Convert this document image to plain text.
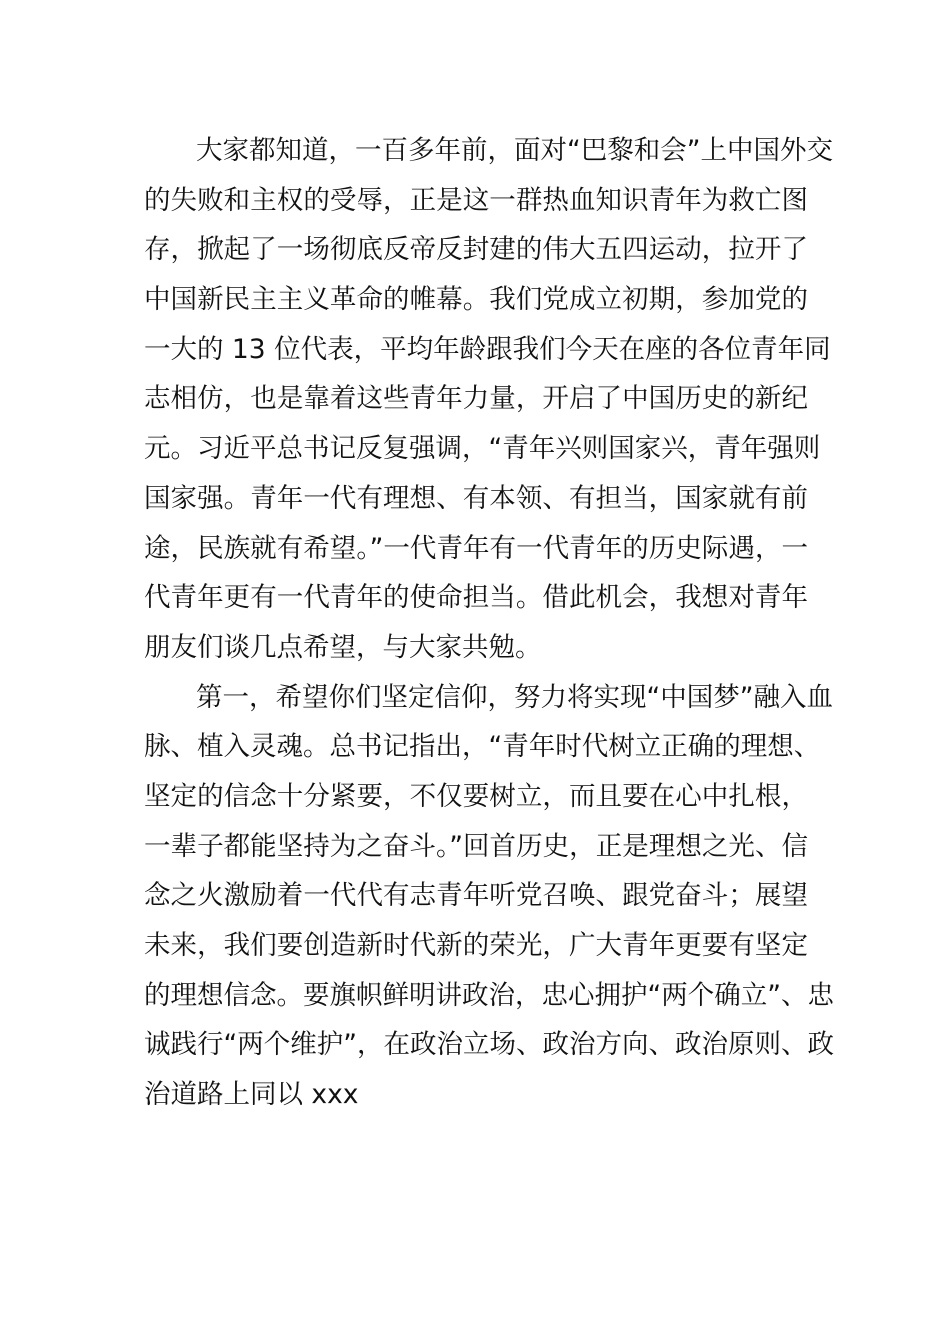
大家都知道，一百多年前，面对“巴黎和会”上中国外交
的失败和主权的受辱，正是这一群热血知识青年为救亡图
存，掀起了一场彻底反帝反封建的伟大五四运动，拉开了
中国新民主主义革命的帷幕。我们党成立初期，参加党的
一大的 13 位代表，平均年龄跟我们今天在座的各位青年同
志相仿，也是靠着这些青年力量，开启了中国历史的新纪
元。习近平总书记反复强调，“青年兴则国家兴，青年强则
国家强。青年一代有理想、有本领、有担当，国家就有前
途，民族就有希望。”一代青年有一代青年的历史际遇，一
代青年更有一代青年的使命担当。借此机会，我想对青年
朋友们谈几点希望，与大家共勉。
第一，希望你们坚定信仰，努力将实现“中国梦”融入血
脉、植入灵魂。总书记指出，“青年时代树立正确的理想、
坚定的信念十分紧要，不仅要树立，而且要在心中扎根，
一辈子都能坚持为之奋斗。”回首历史，正是理想之光、信
念之火激励着一代代有志青年听党召唤、跟党奋斗；展望
未来，我们要创造新时代新的荣光，广大青年更要有坚定
的理想信念。要旗帜鲜明讲政治，忠心拥护“两个确立”、忠
诚践行“两个维护”，在政治立场、政治方向、政治原则、政
治道路上同以 xxx
